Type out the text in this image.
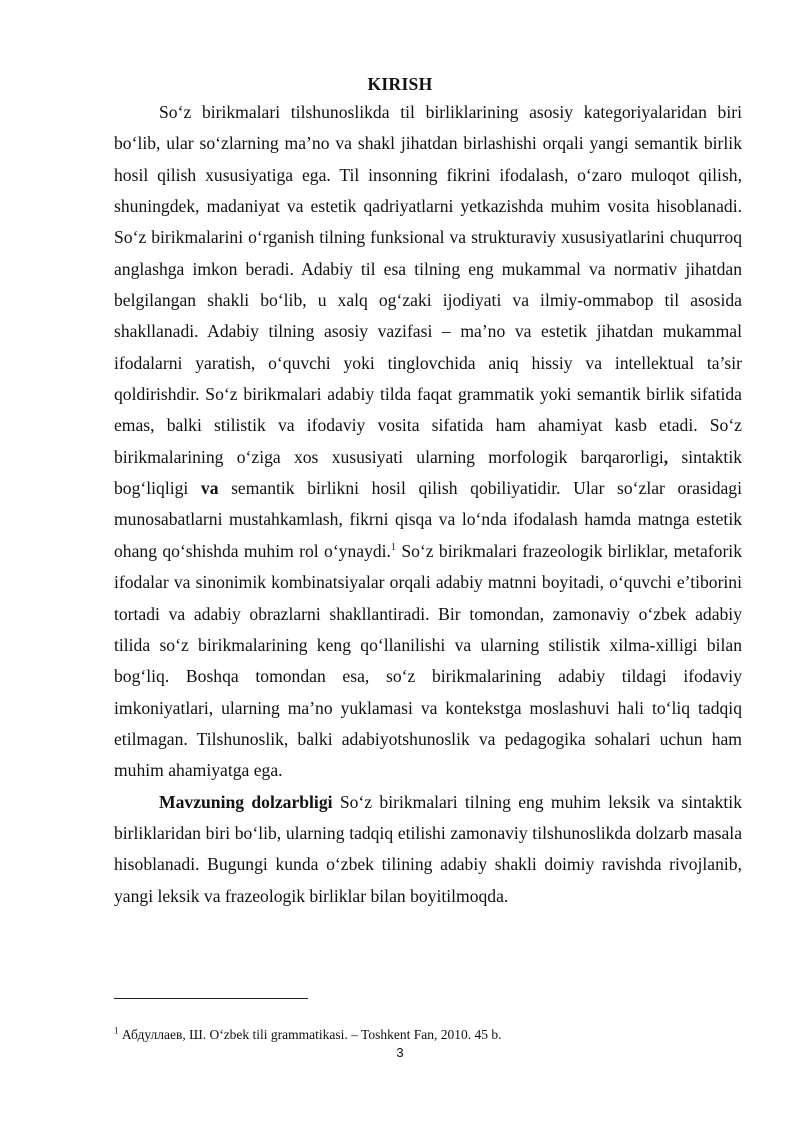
KIRISH

So‘z birikmalari tilshunoslikda til birliklarining asosiy kategoriyalaridan biri bo‘lib, ular so‘zlarning ma’no va shakl jihatdan birlashishi orqali yangi semantik birlik hosil qilish xususiyatiga ega. Til insonning fikrini ifodalash, o‘zaro muloqot qilish, shuningdek, madaniyat va estetik qadriyatlarni yetkazishda muhim vosita hisoblanadi. So‘z birikmalarini o‘rganish tilning funksional va strukturaviy xususiyatlarini chuqurroq anglashga imkon beradi. Adabiy til esa tilning eng mukammal va normativ jihatdan belgilangan shakli bo‘lib, u xalq og‘zaki ijodiyati va ilmiy-ommabop til asosida shakllanadi. Adabiy tilning asosiy vazifasi – ma’no va estetik jihatdan mukammal ifodalarni yaratish, o‘quvchi yoki tinglovchida aniq hissiy va intellektual ta’sir qoldirishdir. So‘z birikmalari adabiy tilda faqat grammatik yoki semantik birlik sifatida emas, balki stilistik va ifodaviy vosita sifatida ham ahamiyat kasb etadi. So‘z birikmalarining o‘ziga xos xususiyati ularning morfologik barqarorligi, sintaktik bog‘liqligi va semantik birlikni hosil qilish qobiliyatidir. Ular so‘zlar orasidagi munosabatlarni mustahkamlash, fikrni qisqa va lo‘nda ifodalash hamda matnga estetik ohang qo‘shishda muhim rol o‘ynaydi.$^1$ So‘z birikmalari frazeologik birliklar, metaforik ifodalar va sinonimik kombinatsiyalar orqali adabiy matnni boyitadi, o‘quvchi e’tiborini tortadi va adabiy obrazlarni shakllantiradi. Bir tomondan, zamonaviy o‘zbek adabiy tilida so‘z birikmalarining keng qo‘llanilishi va ularning stilistik xilma-xilligi bilan bog‘liq. Boshqa tomondan esa, so‘z birikmalarining adabiy tildagi ifodaviy imkoniyatlari, ularning ma’no yuklamasi va kontekstga moslashuvi hali to‘liq tadqiq etilmagan. Tilshunoslik, balki adabiyotshunoslik va pedagogika sohalari uchun ham muhim ahamiyatga ega.

Mavzuning dolzarbligi So‘z birikmalari tilning eng muhim leksik va sintaktik birliklaridan biri bo‘lib, ularning tadqiq etilishi zamonaviy tilshunoslikda dolzarb masala hisoblanadi. Bugungi kunda o‘zbek tilining adabiy shakli doimiy ravishda rivojlanib, yangi leksik va frazeologik birliklar bilan boyitilmoqda.

$^1$ Абдуллаев, Ш. O‘zbek tili grammatikasi. – Toshkent Fan, 2010. 45 b.
3
